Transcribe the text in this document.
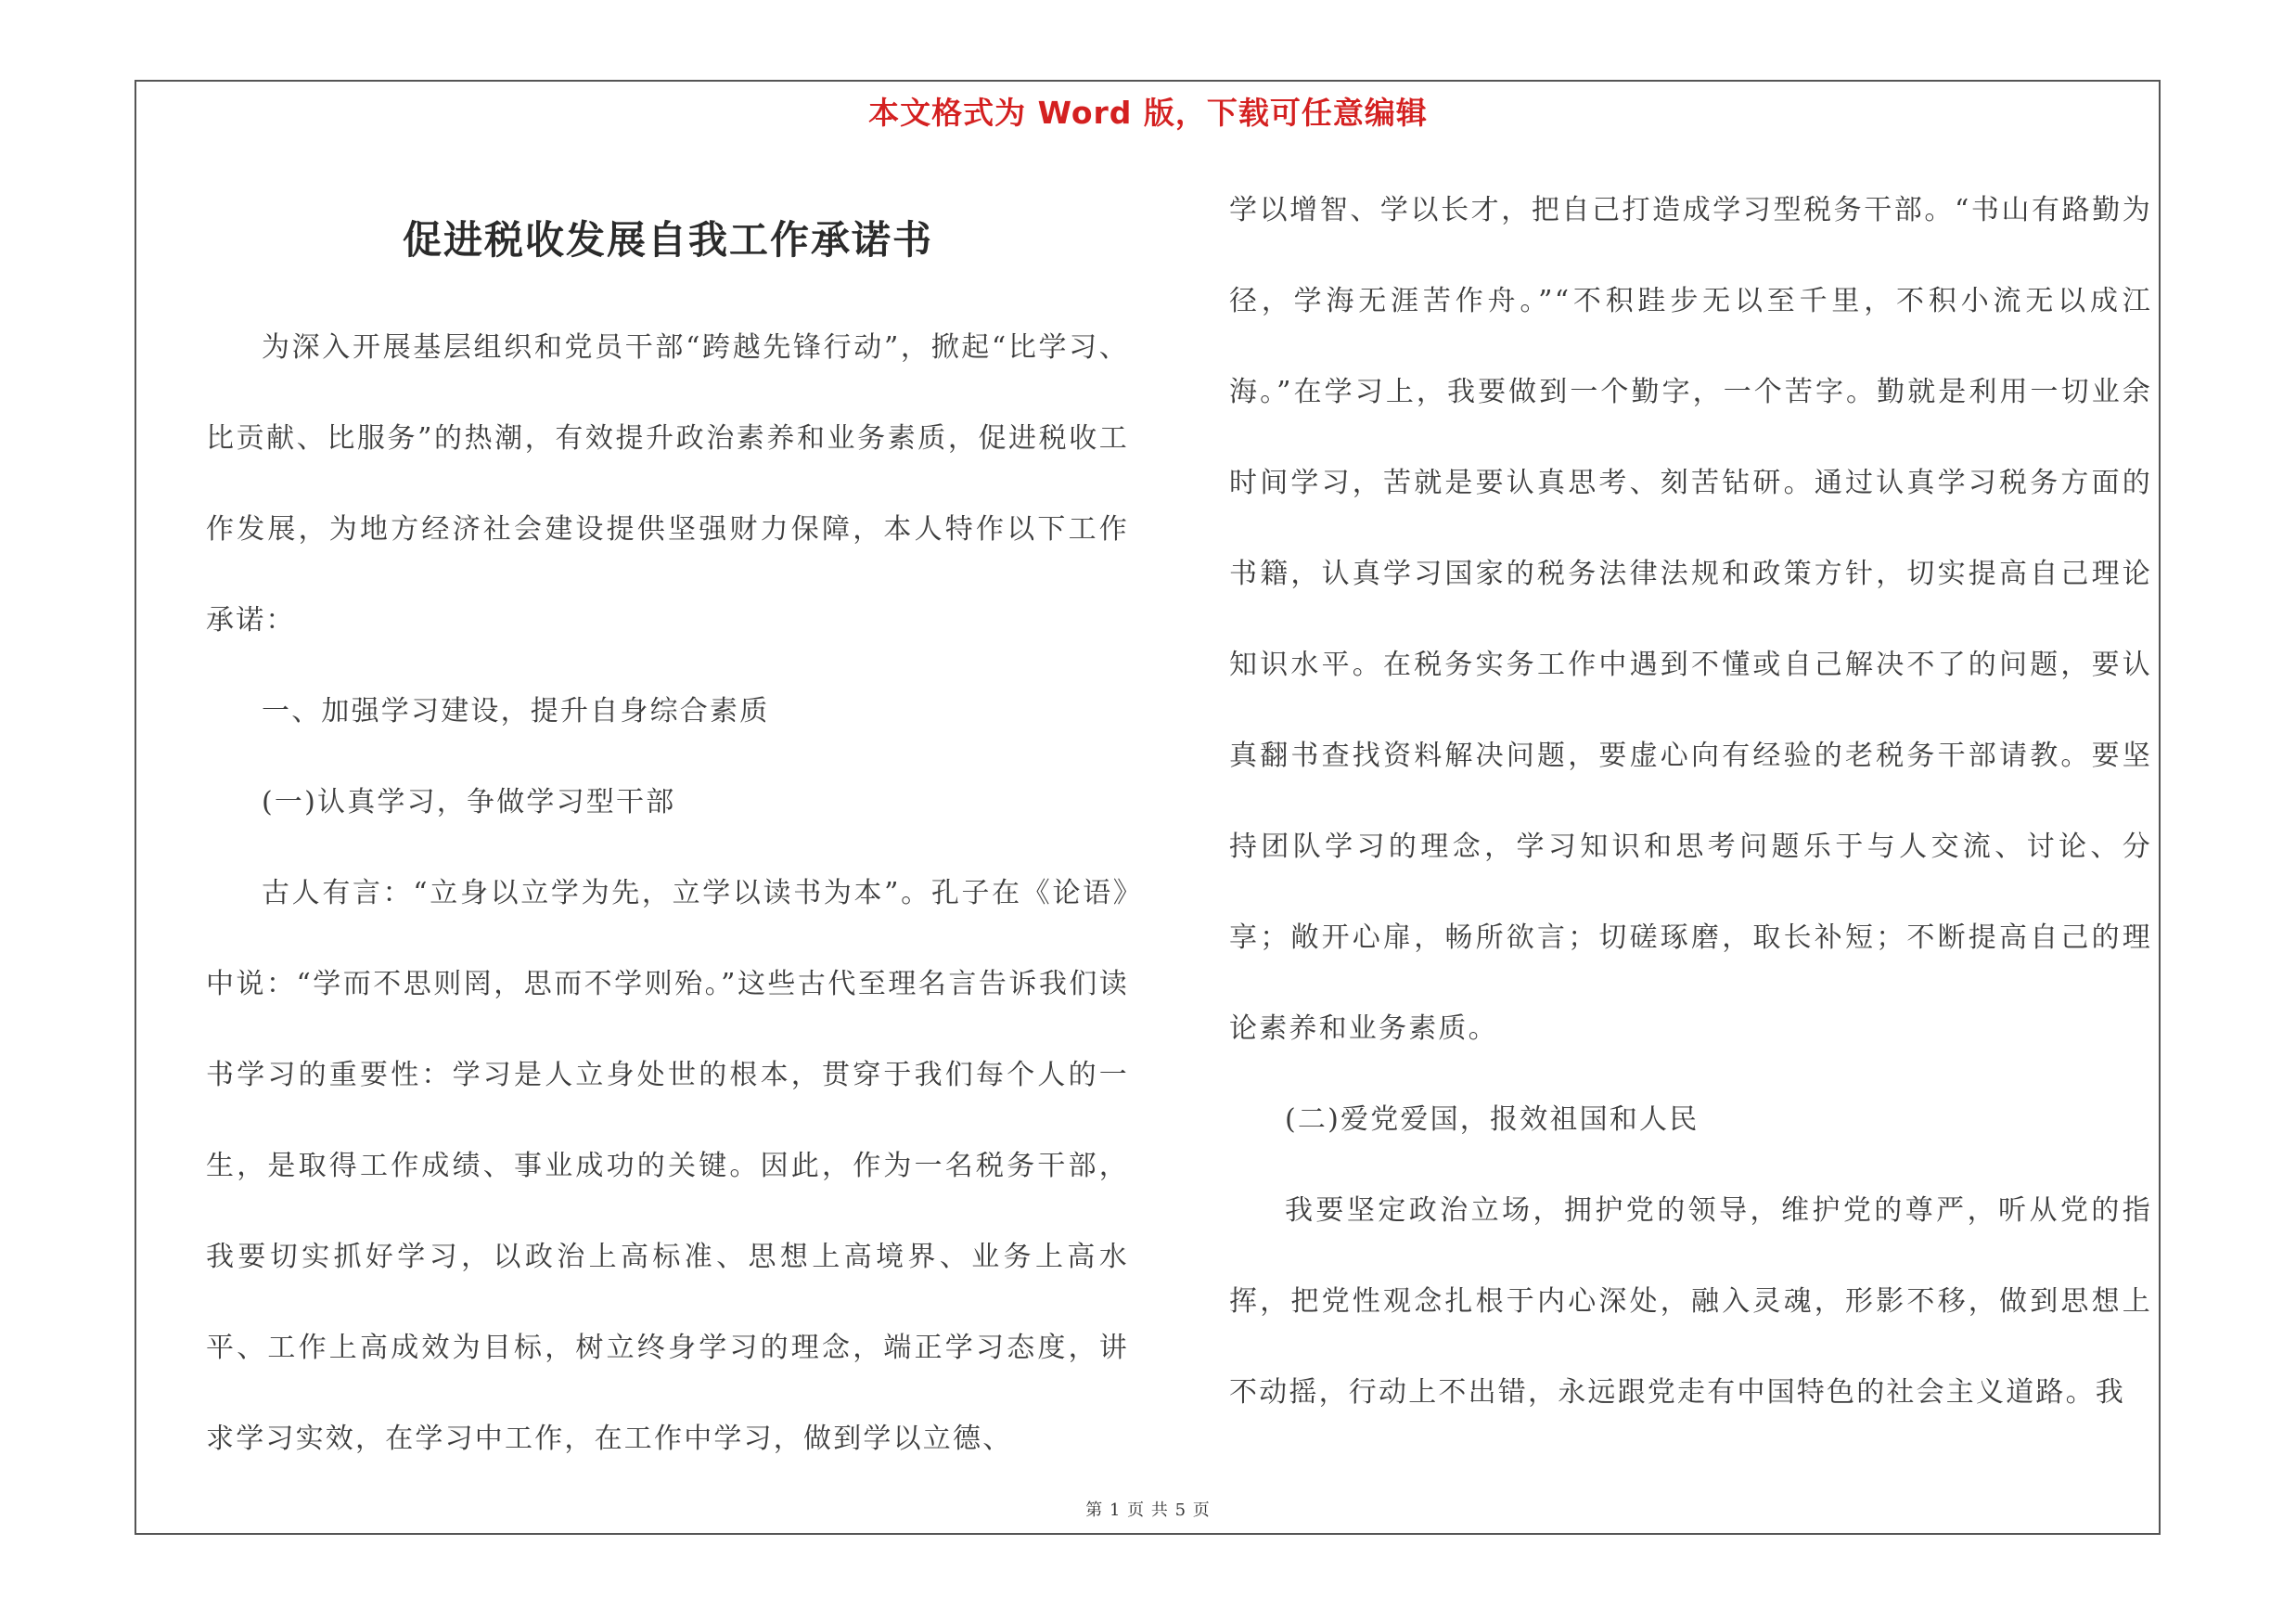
本文格式为 Word 版，下载可任意编辑
促进税收发展自我工作承诺书

为深入开展基层组织和党员干部“跨越先锋行动”，掀起“比学习、比贡献、比服务”的热潮，有效提升政治素养和业务素质，促进税收工作发展，为地方经济社会建设提供坚强财力保障，本人特作以下工作承诺：

一、加强学习建设，提升自身综合素质

(一)认真学习，争做学习型干部

古人有言：“立身以立学为先，立学以读书为本”。孔子在《论语》中说：“学而不思则罔，思而不学则殆。”这些古代至理名言告诉我们读书学习的重要性：学习是人立身处世的根本，贯穿于我们每个人的一生，是取得工作成绩、事业成功的关键。因此，作为一名税务干部，我要切实抓好学习，以政治上高标准、思想上高境界、业务上高水平、工作上高成效为目标，树立终身学习的理念，端正学习态度，讲求学习实效，在学习中工作，在工作中学习，做到学以立德、

学以增智、学以长才，把自己打造成学习型税务干部。“书山有路勤为径，学海无涯苦作舟。”“不积跬步无以至千里，不积小流无以成江海。”在学习上，我要做到一个勤字，一个苦字。勤就是利用一切业余时间学习，苦就是要认真思考、刻苦钻研。通过认真学习税务方面的书籍，认真学习国家的税务法律法规和政策方针，切实提高自己理论知识水平。在税务实务工作中遇到不懂或自己解决不了的问题，要认真翻书查找资料解决问题，要虚心向有经验的老税务干部请教。要坚持团队学习的理念，学习知识和思考问题乐于与人交流、讨论、分享；敞开心扉，畅所欲言；切磋琢磨，取长补短；不断提高自己的理论素养和业务素质。

(二)爱党爱国，报效祖国和人民

我要坚定政治立场，拥护党的领导，维护党的尊严，听从党的指挥，把党性观念扎根于内心深处，融入灵魂，形影不移，做到思想上不动摇，行动上不出错，永远跟党走有中国特色的社会主义道路。我

第 1 页 共 5 页
